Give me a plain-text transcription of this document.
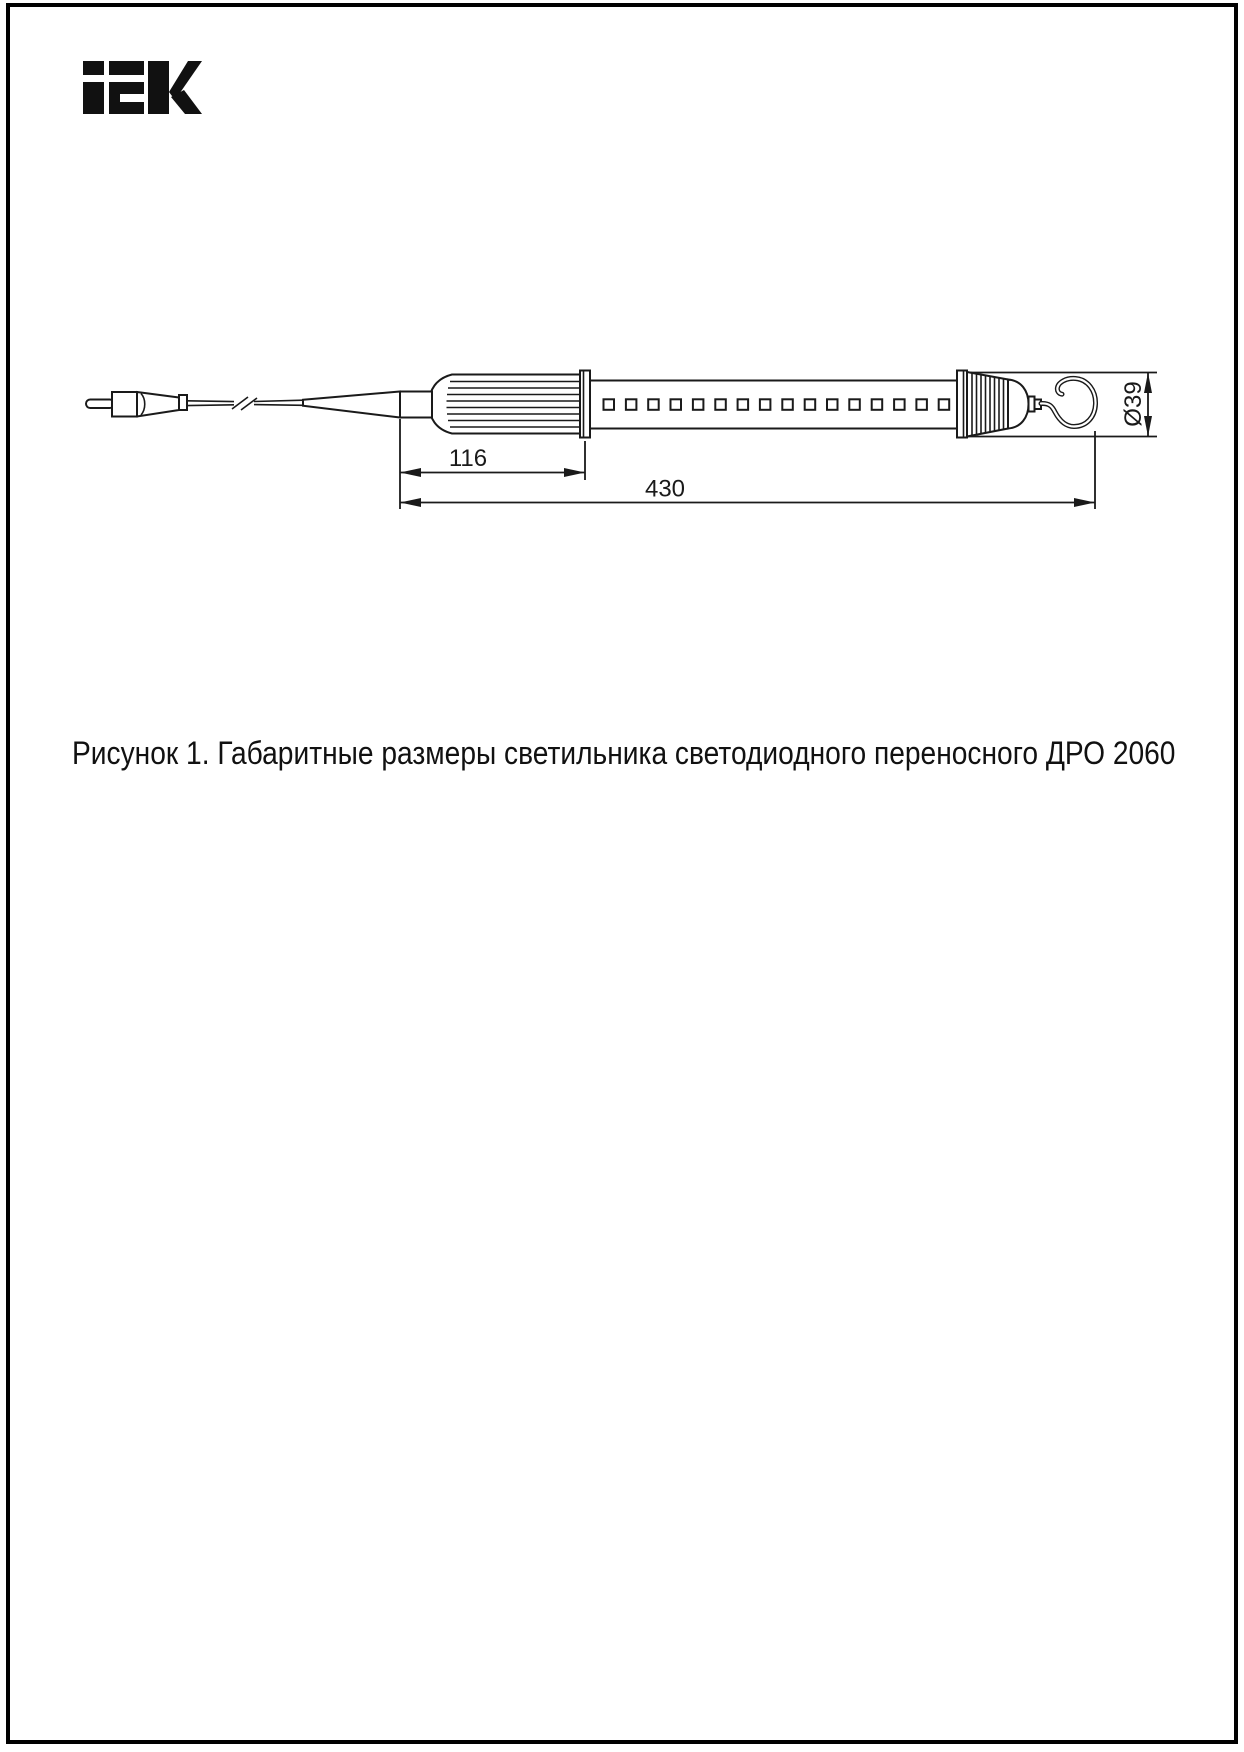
116
430
Ø39
Рисунок 1. Габаритные размеры светильника светодиодного переносного ДРО 2060
